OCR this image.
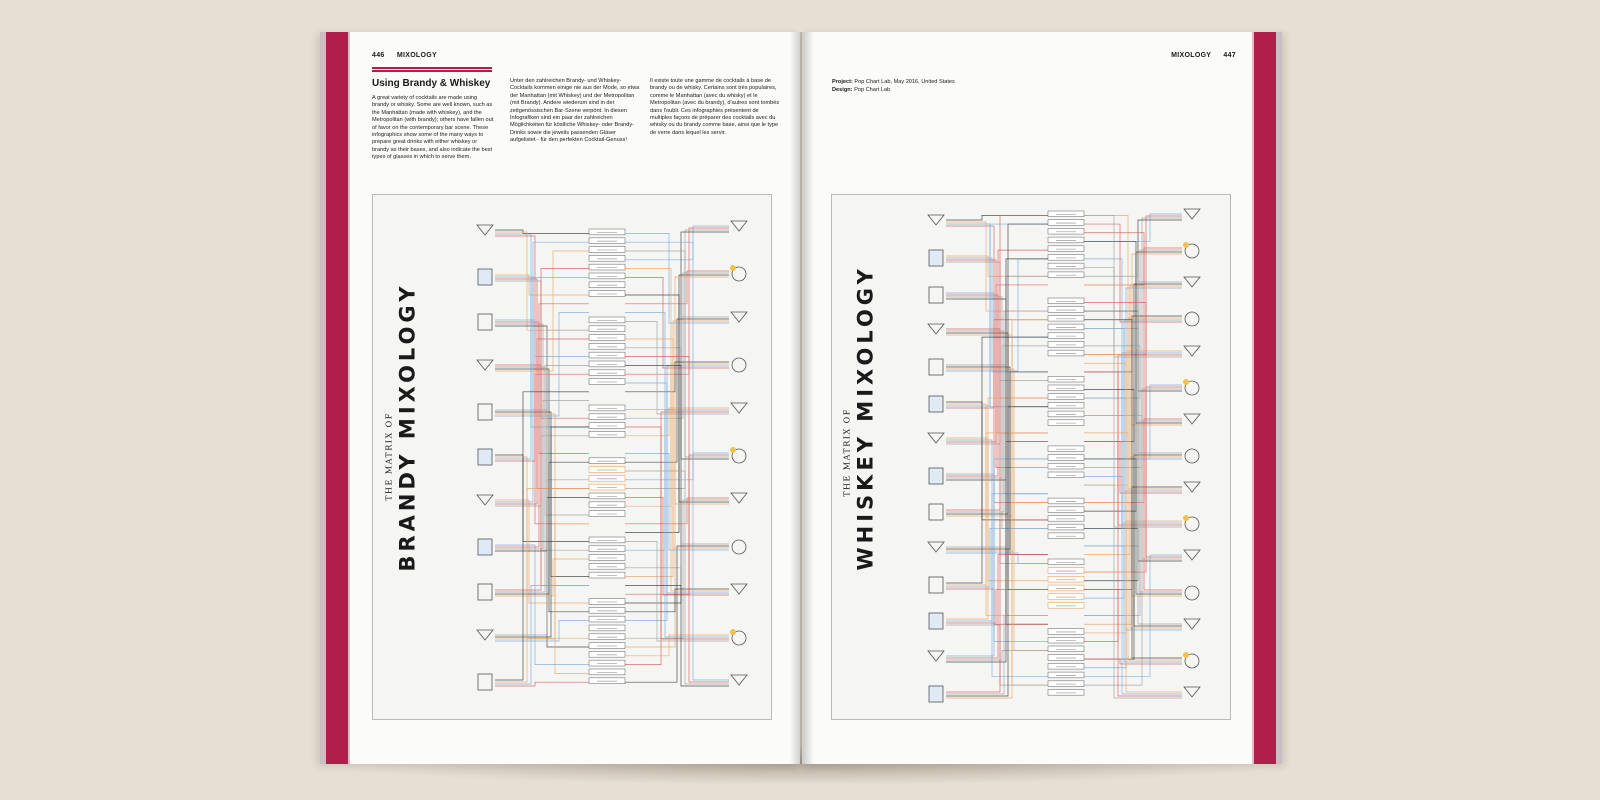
446 MIXOLOGY
Using Brandy & Whiskey

A great variety of cocktails are made using brandy or whisky. Some are well known, such as the Manhattan (made with whiskey), and the Metropolitan (with brandy); others have fallen out of favor on the contemporary bar scene. These infographics show some of the many ways to prepare great drinks with either whiskey or brandy as their bases, and also indicate the best types of glasses in which to serve them.

Unter den zahlreichen Brandy- und Whiskey-Cocktails kommen einige nie aus der Mode, so etwa der Manhattan (mit Whiskey) und der Metropolitan (mit Brandy). Andere wiederum sind in der zeitgenössischen Bar-Szene verpönt. In diesen Infografiken sind ein paar der zahlreichen Möglichkeiten für köstliche Whiskey- oder Brandy-Drinks sowie die jeweils passenden Gläser aufgelistet - für den perfekten Cocktail-Genuss!

Il existe toute une gamme de cocktails à base de brandy ou de whisky. Certains sont très populaires, comme le Manhattan (avec du whisky) et le Metropolitan (avec du brandy), d'autres sont tombés dans l'oubli. Ces infographies présentent de multiples façons de préparer des cocktails avec du whisky ou du brandy comme base, ainsi que le type de verre dans lequel les servir.

THE MATRIX OF BRANDY MIXOLOGY
MIXOLOGY 447
Project: Pop Chart Lab, May 2016, United States
Design: Pop Chart Lab
THE MATRIX OF WHISKEY MIXOLOGY
